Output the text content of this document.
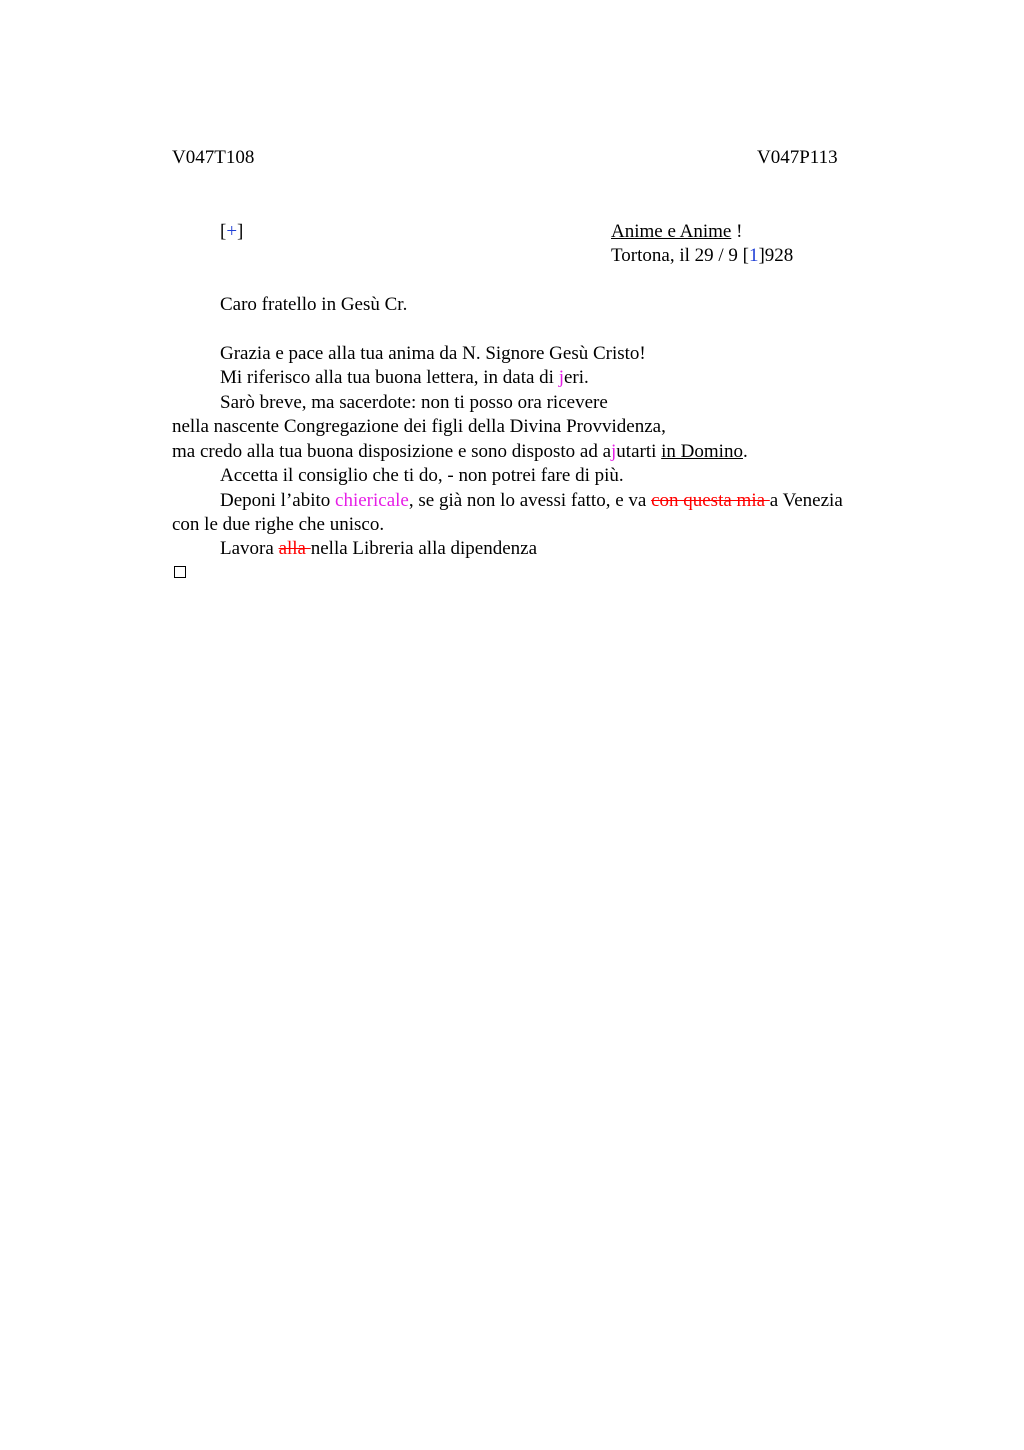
V047T108	V047P113
[+]	Anime e Anime !
Tortona, il 29 / 9 [1]928
Caro fratello in Gesù Cr.
Grazia e pace alla tua anima da N. Signore Gesù Cristo!
Mi riferisco alla tua buona lettera, in data di jeri.
Sarò breve, ma sacerdote: non ti posso ora ricevere
nella nascente Congregazione dei figli della Divina Provvidenza,
ma credo alla tua buona disposizione e sono disposto ad ajutarti in Domino.
Accetta il consiglio che ti do, - non potrei fare di più.
Deponi l’abito chiericale, se già non lo avessi fatto, e va con questa mia a Venezia
con le due righe che unisco.
Lavora alla nella Libreria alla dipendenza
